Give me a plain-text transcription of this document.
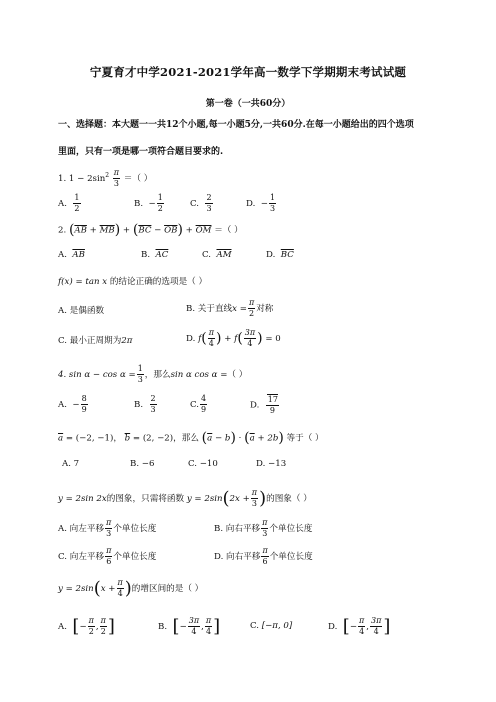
宁夏育才中学2021-2021学年高一数学下学期期末考试试题
第一卷（一共60分）
一、选择题：本大题一一共12个小题,每一小题5分,一共60分.在每一小题给出的四个选项
里面，只有一项是哪一项符合题目要求的.
1. $1 - 2\sin^2 \frac{\pi}{3}$ ＝（ ）
A. $\frac{1}{2}$	B. − $\frac{1}{2}$	C. $\frac{2}{3}$	D. − $\frac{1}{3}$
2. $(\overline{AB} + \overline{MB}) + (\overline{BC} - \overline{OB}) + \overline{OM}$ ＝（ ）
A. $\overline{AB}$	B. $\overline{AC}$	C. $\overline{AM}$	D. $\overline{BC}$
f(x) = tan x 的结论正确的选项是（ ）
A. 是偶函数	B. 关于直线$x = \frac{\pi}{2}$ 对称
C. 最小正周期为2π	D. $f( \frac{\pi}{4}$ ) + $f( \frac{3\pi}{4}$ ) = 0
4. $\sin \alpha - \cos \alpha = \frac{1}{3}$ ，那么sin α cos α =（ ）
A. − $\frac{8}{9}$	B. $\frac{2}{3}$	C. $\frac{4}{9}$	D. $\frac{17}{9}$
$\overline{a} = (-2$, −1)， $\overline{b} = (2$, −2)，那么 $(\overline{a} - b) \cdot (\overline{a} + 2b)$ 等于（ ）
A. 7	B. −6	C. −10	D. −13
y = 2sin 2x的图象，只需将函数 $y = 2\sin(2x + \frac{\pi}{3}$ )的图象（ ）
A. 向左平移 $\frac{\pi}{3}$ 个单位长度	B. 向右平移 $\frac{\pi}{3}$ 个单位长度
C. 向左平移 $\frac{\pi}{6}$ 个单位长度	D. 向右平移 $\frac{\pi}{6}$ 个单位长度
$y = 2\sin(x + \frac{\pi}{4}$ )的增区间的是（ ）
A. [− $\frac{\pi}{2}$ , $\frac{\pi}{2}$ ]	B. [− $\frac{3\pi}{4}$ , $\frac{\pi}{4}$ ]	C. [−π, 0]	D. [− $\frac{\pi}{4}$ , $\frac{3\pi}{4}$ ]
